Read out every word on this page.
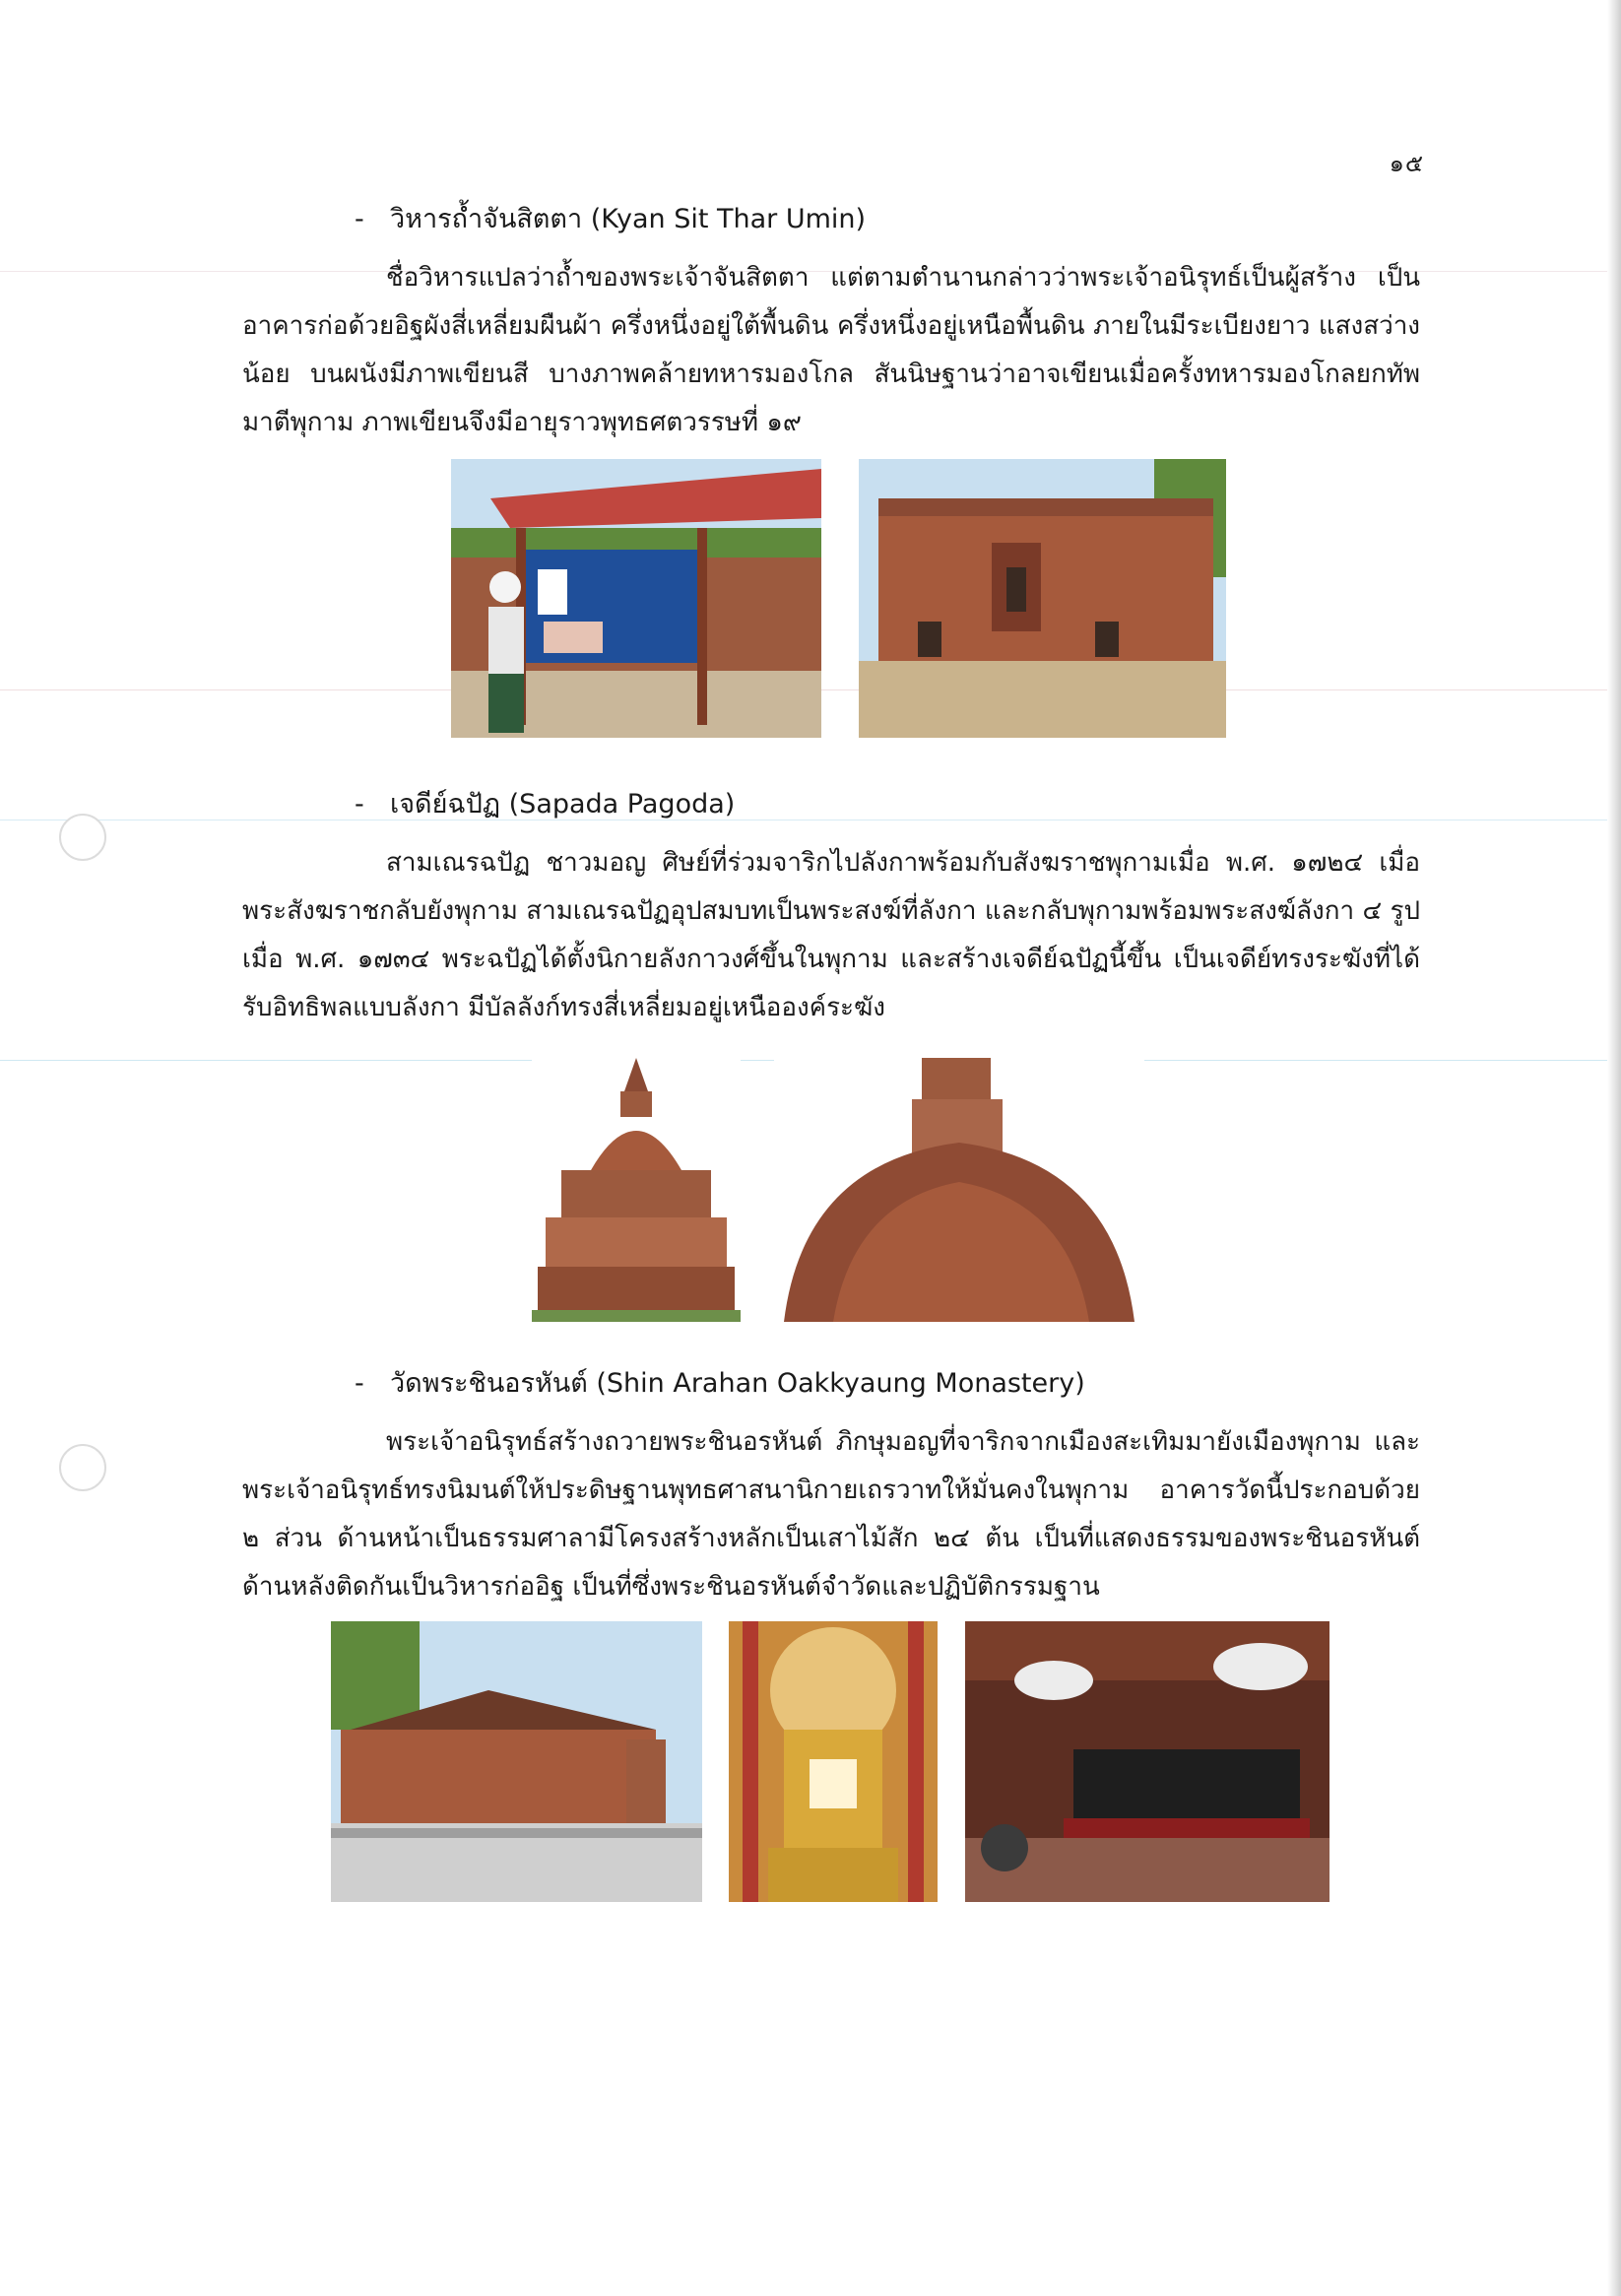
๑๕
- วิหารถ้ำจันสิตตา (Kyan Sit Thar Umin)

ชื่อวิหารแปลว่าถ้ำของพระเจ้าจันสิตตา แต่ตามตำนานกล่าวว่าพระเจ้าอนิรุทธ์เป็นผู้สร้าง เป็นอาคารก่อด้วยอิฐผังสี่เหลี่ยมผืนผ้า ครึ่งหนึ่งอยู่ใต้พื้นดิน ครึ่งหนึ่งอยู่เหนือพื้นดิน ภายในมีระเบียงยาว แสงสว่างน้อย บนผนังมีภาพเขียนสี บางภาพคล้ายทหารมองโกล สันนิษฐานว่าอาจเขียนเมื่อครั้งทหารมองโกลยกทัพมาตีพุกาม ภาพเขียนจึงมีอายุราวพุทธศตวรรษที่ ๑๙

- เจดีย์ฉปัฏ (Sapada Pagoda)

สามเณรฉปัฏ ชาวมอญ ศิษย์ที่ร่วมจาริกไปลังกาพร้อมกับสังฆราชพุกามเมื่อ พ.ศ. ๑๗๒๔ เมื่อพระสังฆราชกลับยังพุกาม สามเณรฉปัฏอุปสมบทเป็นพระสงฆ์ที่ลังกา และกลับพุกามพร้อมพระสงฆ์ลังกา ๔ รูปเมื่อ พ.ศ. ๑๗๓๔ พระฉปัฏได้ตั้งนิกายลังกาวงศ์ขึ้นในพุกาม และสร้างเจดีย์ฉปัฏนี้ขึ้น เป็นเจดีย์ทรงระฆังที่ได้รับอิทธิพลแบบลังกา มีบัลลังก์ทรงสี่เหลี่ยมอยู่เหนือองค์ระฆัง

- วัดพระชินอรหันต์ (Shin Arahan Oakkyaung Monastery)

พระเจ้าอนิรุทธ์สร้างถวายพระชินอรหันต์ ภิกษุมอญที่จาริกจากเมืองสะเทิมมายังเมืองพุกาม และพระเจ้าอนิรุทธ์ทรงนิมนต์ให้ประดิษฐานพุทธศาสนานิกายเถรวาทให้มั่นคงในพุกาม อาคารวัดนี้ประกอบด้วย ๒ ส่วน ด้านหน้าเป็นธรรมศาลามีโครงสร้างหลักเป็นเสาไม้สัก ๒๔ ต้น เป็นที่แสดงธรรมของพระชินอรหันต์ ด้านหลังติดกันเป็นวิหารก่ออิฐ เป็นที่ซึ่งพระชินอรหันต์จำวัดและปฏิบัติกรรมฐาน
